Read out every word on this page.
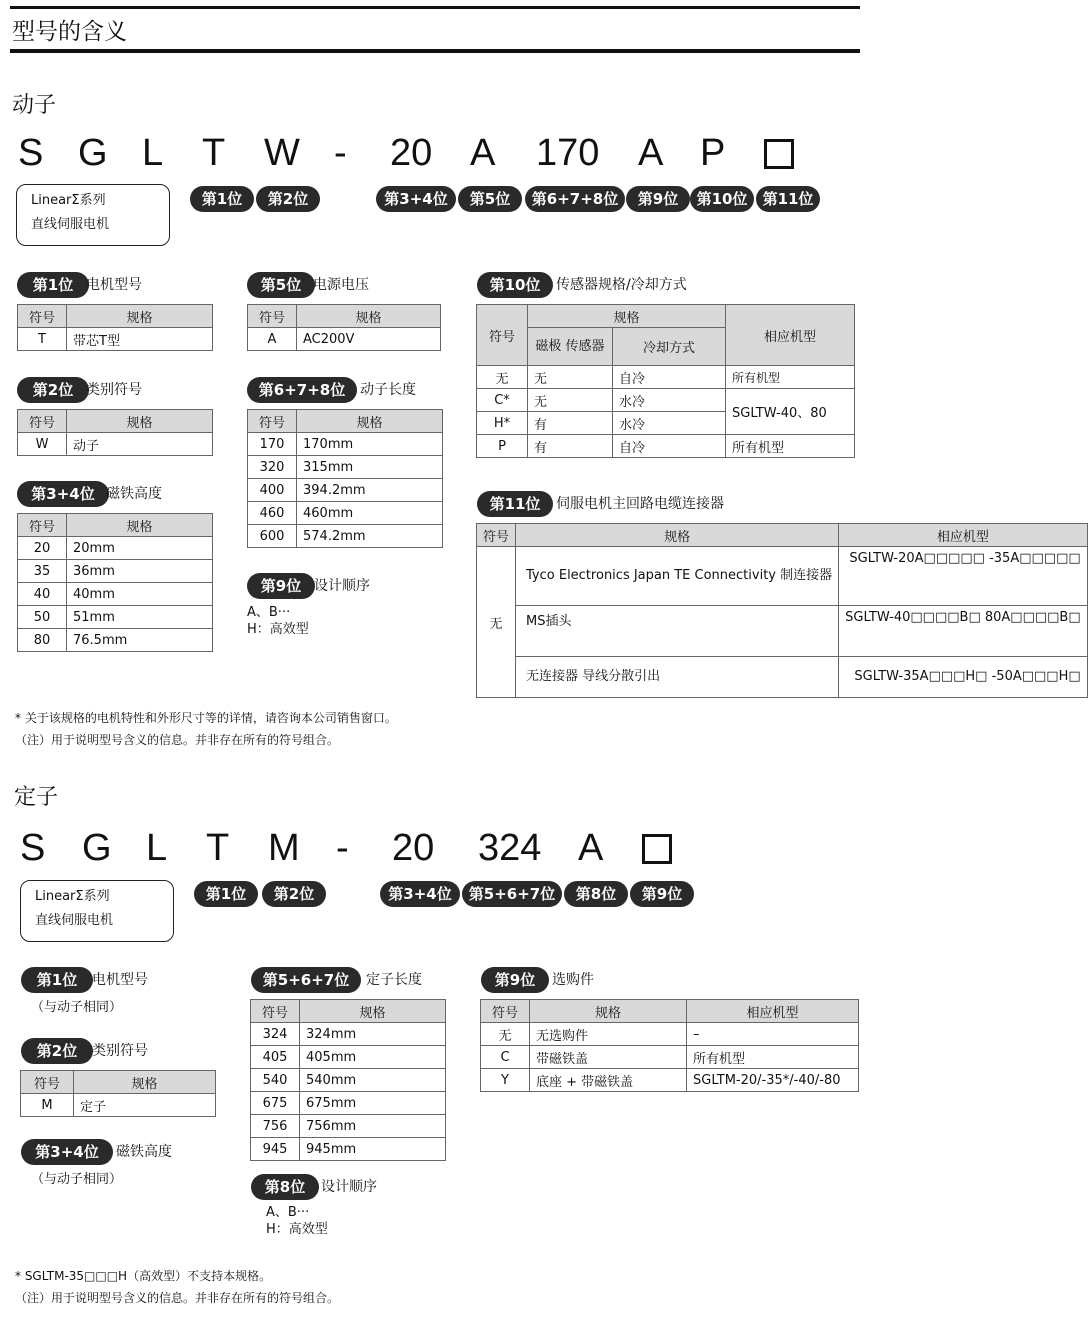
型号的含义
动子
S G L T W - 20 A 170 A P
LinearΣ系列
直线伺服电机
第1位	第2位	第3+4位	第5位	第6+7+8位	第9位	第10位	第11位
第1位 电机型号
符号	规格
T	带芯T型
第2位 类别符号
符号	规格
W	动子
第3+4位 磁铁高度
符号	规格
20	20mm
35	36mm
40	40mm
50	51mm
80	76.5mm
第5位 电源电压
符号	规格
A	AC200V
第6+7+8位	动子长度
符号	规格
170	170mm
320	315mm
400	394.2mm
460	460mm
600	574.2mm
第9位 设计顺序
A、B···
H：高效型
第10位	传感器规格/冷却方式
符号	规格		相应机型
	磁极 传感器	冷却方式	
无	无	自冷	所有机型
C*	无	水冷	SGLTW-40、80
H*	有	水冷	
P	有	自冷	所有机型
第11位	伺服电机主回路电缆连接器
符号	规格	相应机型
无	Tyco Electronics Japan TE Connectivity 制连接器	SGLTW-20A□□□□□ -35A□□□□□
	MS插头	SGLTW-40□□□□B□ 80A□□□□B□
	无连接器 导线分散引出	SGLTW-35A□□□H□ -50A□□□H□
* 关于该规格的电机特性和外形尺寸等的详情，请咨询本公司销售窗口。
（注）用于说明型号含义的信息。并非存在所有的符号组合。
定子
S G L T M - 20 324 A
LinearΣ系列
直线伺服电机
第1位	第2位	第3+4位	第5+6+7位	第8位	第9位
第1位	电机型号
（与动子相同）
第2位	类别符号
符号	规格
M	定子
第3+4位	磁铁高度
（与动子相同）
第5+6+7位	定子长度
符号	规格
324	324mm
405	405mm
540	540mm
675	675mm
756	756mm
945	945mm
第8位	设计顺序
A、B···
H：高效型
第9位	选购件
符号	规格	相应机型
无	无选购件	–
C	带磁铁盖	所有机型
Y	底座 + 带磁铁盖	SGLTM-20/-35*/-40/-80
* SGLTM-35□□□H（高效型）不支持本规格。
（注）用于说明型号含义的信息。并非存在所有的符号组合。
